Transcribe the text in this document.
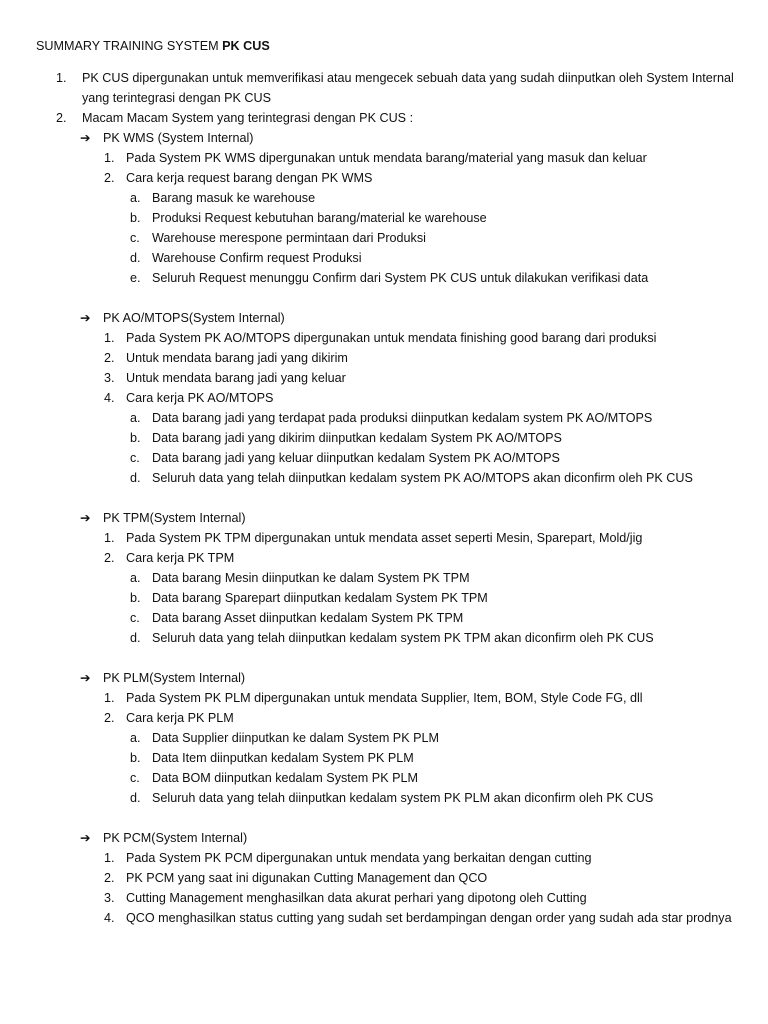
SUMMARY TRAINING SYSTEM PK CUS
1. PK CUS dipergunakan untuk memverifikasi atau mengecek sebuah data yang sudah diinputkan oleh System Internal yang terintegrasi dengan PK CUS
2. Macam Macam System yang terintegrasi dengan PK CUS :
➔ PK WMS (System Internal)
1. Pada System PK WMS dipergunakan untuk mendata barang/material yang masuk dan keluar
2. Cara kerja request barang dengan PK WMS
a. Barang masuk ke warehouse
b. Produksi Request kebutuhan barang/material ke warehouse
c. Warehouse merespone permintaan dari Produksi
d. Warehouse Confirm request Produksi
e. Seluruh Request menunggu Confirm dari System PK CUS untuk dilakukan verifikasi data
➔ PK AO/MTOPS(System Internal)
1. Pada System PK AO/MTOPS dipergunakan untuk mendata finishing good barang dari produksi
2. Untuk mendata barang jadi yang dikirim
3. Untuk mendata barang jadi yang keluar
4. Cara kerja PK AO/MTOPS
a. Data barang jadi yang terdapat pada produksi diinputkan kedalam system PK AO/MTOPS
b. Data barang jadi yang dikirim diinputkan kedalam System PK AO/MTOPS
c. Data barang jadi yang keluar diinputkan kedalam System PK AO/MTOPS
d. Seluruh data yang telah diinputkan kedalam system PK AO/MTOPS akan diconfirm oleh PK CUS
➔ PK TPM(System Internal)
1. Pada System PK TPM dipergunakan untuk mendata asset seperti Mesin, Sparepart, Mold/jig
2. Cara kerja PK TPM
a. Data barang Mesin diinputkan ke dalam System PK TPM
b. Data barang Sparepart diinputkan kedalam System PK TPM
c. Data barang Asset diinputkan kedalam System PK TPM
d. Seluruh data yang telah diinputkan kedalam system PK TPM akan diconfirm oleh PK CUS
➔ PK PLM(System Internal)
1. Pada System PK PLM dipergunakan untuk mendata Supplier, Item, BOM, Style Code FG, dll
2. Cara kerja PK PLM
a. Data Supplier diinputkan ke dalam System PK PLM
b. Data Item diinputkan kedalam System PK PLM
c. Data BOM diinputkan kedalam System PK PLM
d. Seluruh data yang telah diinputkan kedalam system PK PLM akan diconfirm oleh PK CUS
➔ PK PCM(System Internal)
1. Pada System PK PCM dipergunakan untuk mendata yang berkaitan dengan cutting
2. PK PCM yang saat ini digunakan Cutting Management dan QCO
3. Cutting Management menghasilkan data akurat perhari yang dipotong oleh Cutting
4. QCO menghasilkan status cutting yang sudah set berdampingan dengan order yang sudah ada star prodnya
